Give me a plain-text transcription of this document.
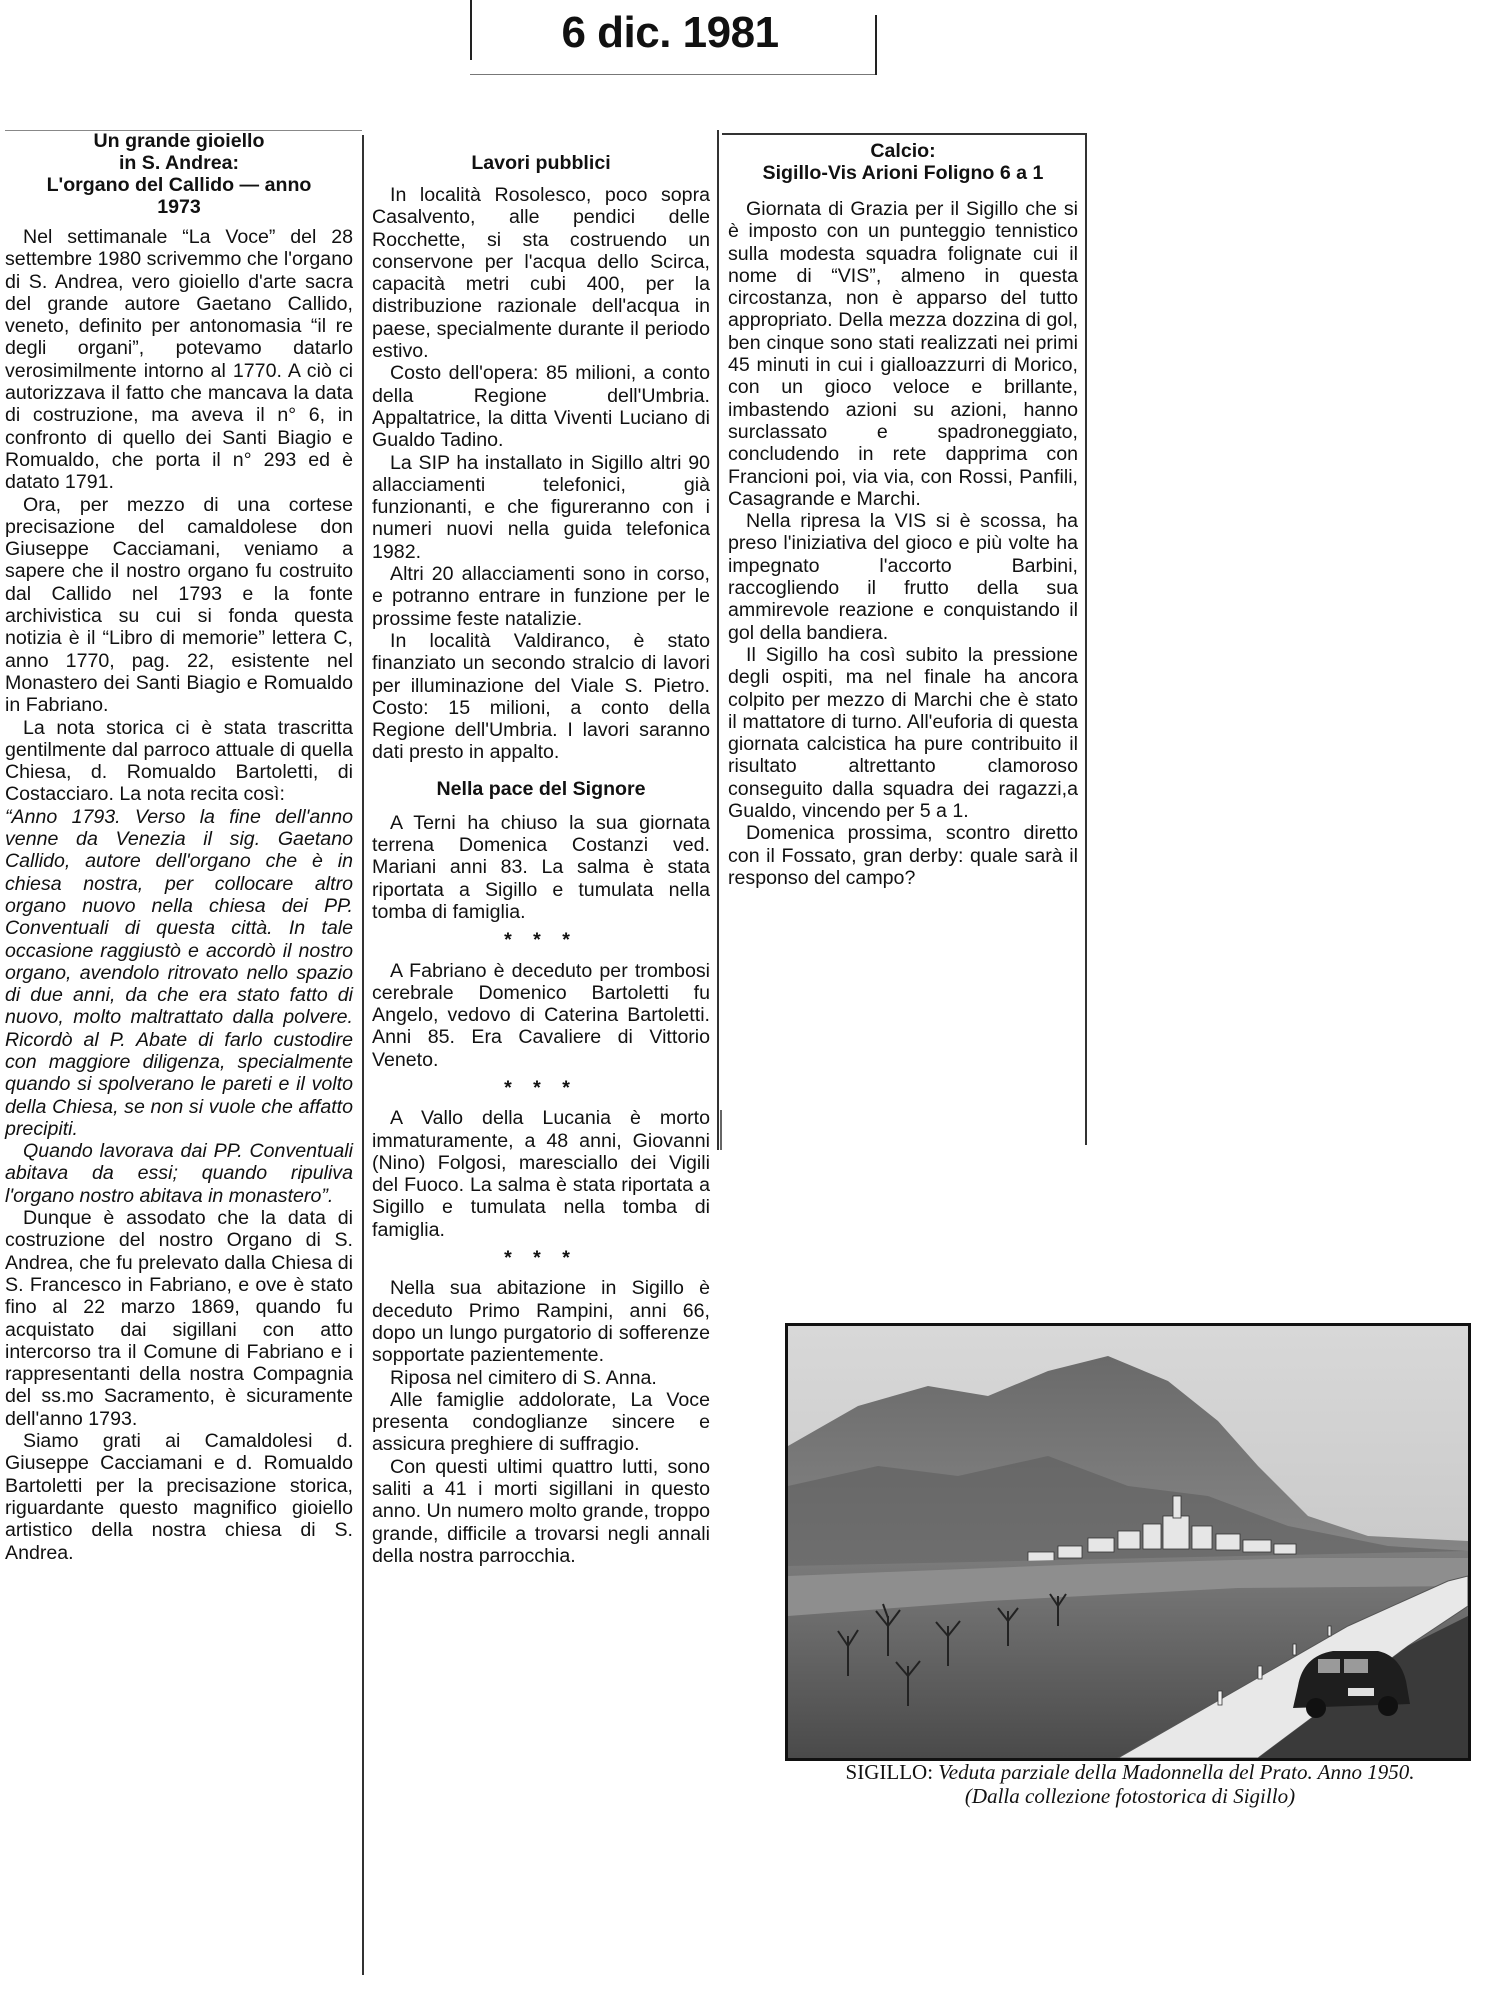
6 dic. 1981
Un grande gioiello
in S. Andrea:
L'organo del Callido — anno
1973

Nel settimanale “La Voce” del 28 settembre 1980 scrivemmo che l'organo di S. Andrea, vero gioiello d'arte sacra del grande autore Gaetano Callido, veneto, definito per antonomasia “il re degli organi”, potevamo datarlo verosimilmente intorno al 1770. A ciò ci autorizzava il fatto che mancava la data di costruzione, ma aveva il n° 6, in confronto di quello dei Santi Biagio e Romualdo, che porta il n° 293 ed è datato 1791.

Ora, per mezzo di una cortese precisazione del camaldolese don Giuseppe Cacciamani, veniamo a sapere che il nostro organo fu costruito dal Callido nel 1793 e la fonte archivistica su cui si fonda questa notizia è il “Libro di memorie” lettera C, anno 1770, pag. 22, esistente nel Monastero dei Santi Biagio e Romualdo in Fabriano.

La nota storica ci è stata trascritta gentilmente dal parroco attuale di quella Chiesa, d. Romualdo Bartoletti, di Costacciaro. La nota recita così:

“Anno 1793. Verso la fine dell'anno venne da Venezia il sig. Gaetano Callido, autore dell'organo che è in chiesa nostra, per collocare altro organo nuovo nella chiesa dei PP. Conventuali di questa città. In tale occasione raggiustò e accordò il nostro organo, avendolo ritrovato nello spazio di due anni, da che era stato fatto di nuovo, molto maltrattato dalla polvere. Ricordò al P. Abate di farlo custodire con maggiore diligenza, specialmente quando si spolverano le pareti e il volto della Chiesa, se non si vuole che affatto precipiti.

Quando lavorava dai PP. Conventuali abitava da essi; quando ripuliva l'organo nostro abitava in monastero”.

Dunque è assodato che la data di costruzione del nostro Organo di S. Andrea, che fu prelevato dalla Chiesa di S. Francesco in Fabriano, e ove è stato fino al 22 marzo 1869, quando fu acquistato dai sigillani con atto intercorso tra il Comune di Fabriano e i rappresentanti della nostra Compagnia del ss.mo Sacramento, è sicuramente dell'anno 1793.

Siamo grati ai Camaldolesi d. Giuseppe Cacciamani e d. Romualdo Bartoletti per la precisazione storica, riguardante questo magnifico gioiello artistico della nostra chiesa di S. Andrea.

Lavori pubblici

In località Rosolesco, poco sopra Casalvento, alle pendici delle Rocchette, si sta costruendo un conservone per l'acqua dello Scirca, capacità metri cubi 400, per la distribuzione razionale dell'acqua in paese, specialmente durante il periodo estivo.

Costo dell'opera: 85 milioni, a conto della Regione dell'Umbria. Appaltatrice, la ditta Viventi Luciano di Gualdo Tadino.

La SIP ha installato in Sigillo altri 90 allacciamenti telefonici, già funzionanti, e che figureranno con i numeri nuovi nella guida telefonica 1982.

Altri 20 allacciamenti sono in corso, e potranno entrare in funzione per le prossime feste natalizie.

In località Valdiranco, è stato finanziato un secondo stralcio di lavori per illuminazione del Viale S. Pietro. Costo: 15 milioni, a conto della Regione dell'Umbria. I lavori saranno dati presto in appalto.

Nella pace del Signore

A Terni ha chiuso la sua giornata terrena Domenica Costanzi ved. Mariani anni 83. La salma è stata riportata a Sigillo e tumulata nella tomba di famiglia.

* * *

A Fabriano è deceduto per trombosi cerebrale Domenico Bartoletti fu Angelo, vedovo di Caterina Bartoletti. Anni 85. Era Cavaliere di Vittorio Veneto.

* * *

A Vallo della Lucania è morto immaturamente, a 48 anni, Giovanni (Nino) Folgosi, maresciallo dei Vigili del Fuoco. La salma è stata riportata a Sigillo e tumulata nella tomba di famiglia.

* * *

Nella sua abitazione in Sigillo è deceduto Primo Rampini, anni 66, dopo un lungo purgatorio di sofferenze sopportate pazientemente.

Riposa nel cimitero di S. Anna.

Alle famiglie addolorate, La Voce presenta condoglianze sincere e assicura preghiere di suffragio.

Con questi ultimi quattro lutti, sono saliti a 41 i morti sigillani in questo anno. Un numero molto grande, troppo grande, difficile a trovarsi negli annali della nostra parrocchia.

Calcio:
Sigillo-Vis Arioni Foligno 6 a 1

Giornata di Grazia per il Sigillo che si è imposto con un punteggio tennistico sulla modesta squadra folignate cui il nome di “VIS”, almeno in questa circostanza, non è apparso del tutto appropriato. Della mezza dozzina di gol, ben cinque sono stati realizzati nei primi 45 minuti in cui i gialloazzurri di Morico, con un gioco veloce e brillante, imbastendo azioni su azioni, hanno surclassato e spadroneggiato, concludendo in rete dapprima con Francioni poi, via via, con Rossi, Panfili, Casagrande e Marchi.

Nella ripresa la VIS si è scossa, ha preso l'iniziativa del gioco e più volte ha impegnato l'accorto Barbini, raccogliendo il frutto della sua ammirevole reazione e conquistando il gol della bandiera.

Il Sigillo ha così subito la pressione degli ospiti, ma nel finale ha ancora colpito per mezzo di Marchi che è stato il mattatore di turno. All'euforia di questa giornata calcistica ha pure contribuito il risultato altrettanto clamoroso conseguito dalla squadra dei ragazzi,a Gualdo, vincendo per 5 a 1.

Domenica prossima, scontro diretto con il Fossato, gran derby: quale sarà il responso del campo?

SIGILLO: Veduta parziale della Madonnella del Prato. Anno 1950.
(Dalla collezione fotostorica di Sigillo)
